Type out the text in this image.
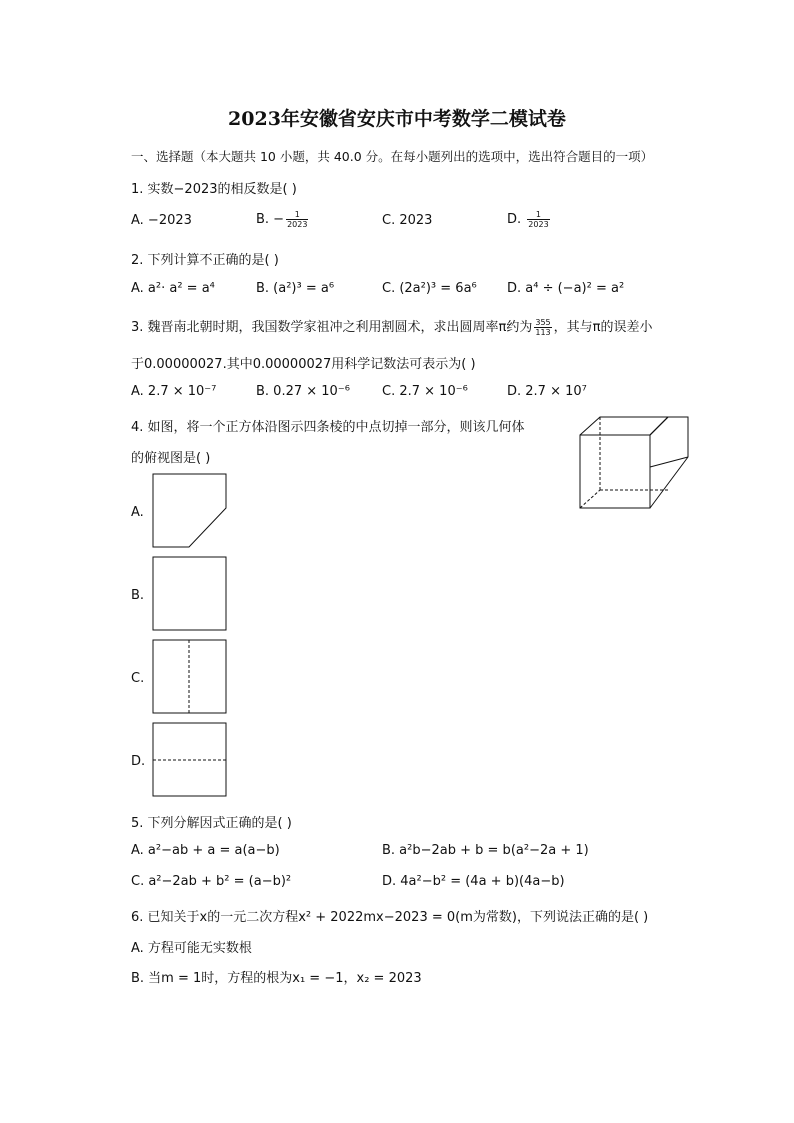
2023年安徽省安庆市中考数学二模试卷
一、选择题（本大题共 10 小题，共 40.0 分。在每小题列出的选项中，选出符合题目的一项）
1. 实数−2023的相反数是( )
A. −2023	B. − $\frac{1}{2023}$	C. 2023	D. $\frac{1}{2023}$
2. 下列计算不正确的是( )
A. a²· a² = a⁴	B. (a²)³ = a⁶	C. (2a²)³ = 6a⁶ D. a⁴ ÷ (−a)² = a²
3. 魏晋南北朝时期，我国数学家祖冲之利用割圆术，求出圆周率π约为 $\frac{355}{113}$ ，其与π的误差小
于0.00000027.其中0.00000027用科学记数法可表示为( )
A. 2.7 × 10⁻⁷	B. 0.27 × 10⁻⁶ C. 2.7 × 10⁻⁶	D. 2.7 × 10⁷
4. 如图，将一个正方体沿图示四条棱的中点切掉一部分，则该几何体
的俯视图是( )
A.
B.
C.
D.
5. 下列分解因式正确的是( )
A. a²−ab + a = a(a−b)	B. a²b−2ab + b = b(a²−2a + 1)
C. a²−2ab + b² = (a−b)²	D. 4a²−b² = (4a + b)(4a−b)
6. 已知关于x的一元二次方程x² + 2022mx−2023 = 0(m为常数)，下列说法正确的是( )
A. 方程可能无实数根
B. 当m = 1时，方程的根为x₁ = −1，x₂ = 2023
